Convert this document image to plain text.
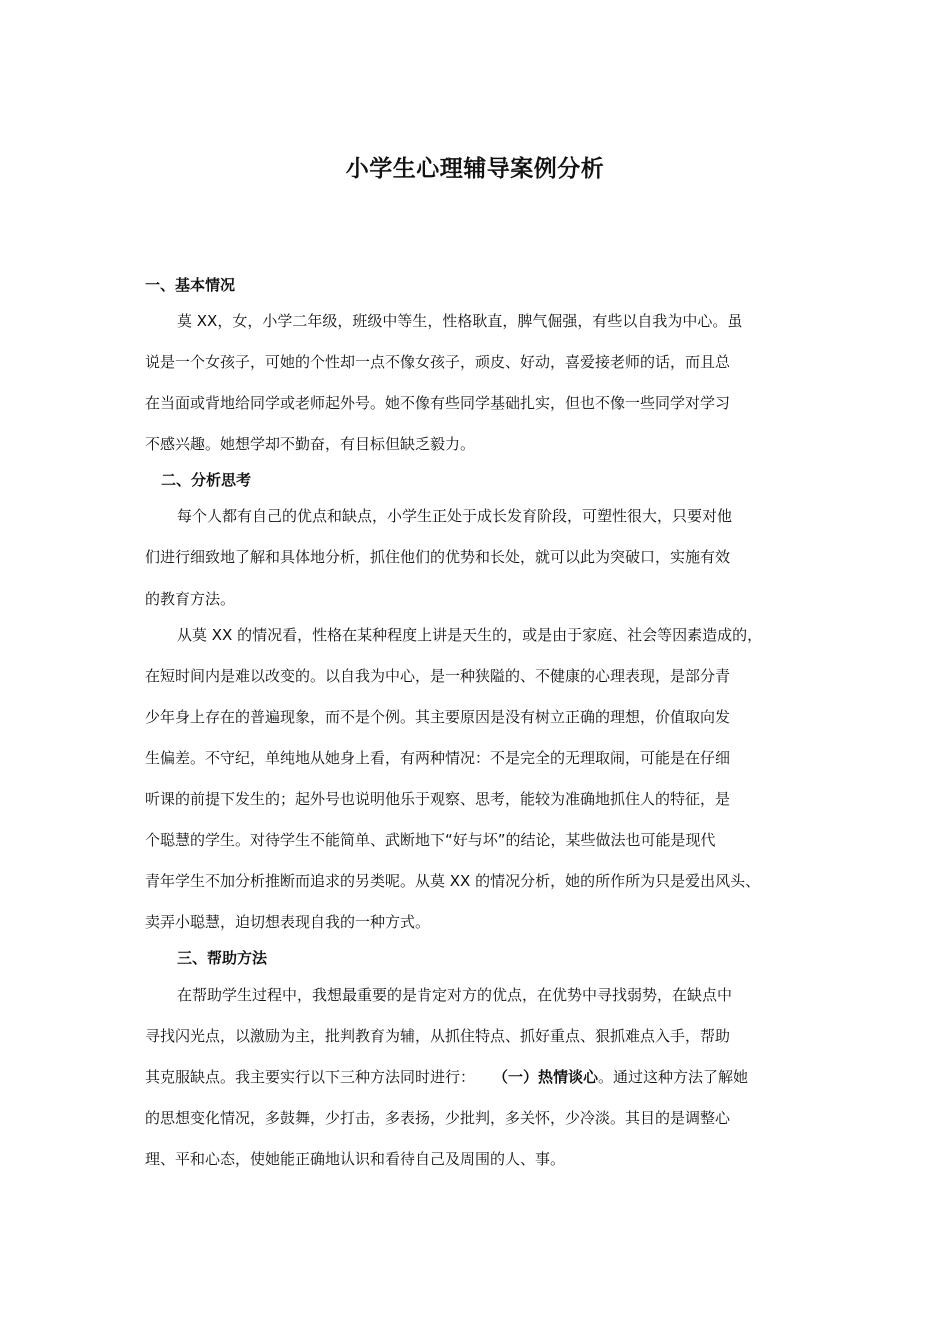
小学生心理辅导案例分析
一、基本情况
莫 XX，女，小学二年级，班级中等生，性格耿直，脾气倔强，有些以自我为中心。虽
说是一个女孩子，可她的个性却一点不像女孩子，顽皮、好动，喜爱接老师的话，而且总
在当面或背地给同学或老师起外号。她不像有些同学基础扎实，但也不像一些同学对学习
不感兴趣。她想学却不勤奋，有目标但缺乏毅力。
二、分析思考
每个人都有自己的优点和缺点，小学生正处于成长发育阶段，可塑性很大，只要对他
们进行细致地了解和具体地分析，抓住他们的优势和长处，就可以此为突破口，实施有效
的教育方法。
从莫 XX 的情况看，性格在某种程度上讲是天生的，或是由于家庭、社会等因素造成的，
在短时间内是难以改变的。以自我为中心，是一种狭隘的、不健康的心理表现，是部分青
少年身上存在的普遍现象，而不是个例。其主要原因是没有树立正确的理想，价值取向发
生偏差。不守纪，单纯地从她身上看，有两种情况：不是完全的无理取闹，可能是在仔细
听课的前提下发生的；起外号也说明他乐于观察、思考，能较为准确地抓住人的特征，是
个聪慧的学生。对待学生不能简单、武断地下“好与坏”的结论，某些做法也可能是现代
青年学生不加分析推断而追求的另类呢。从莫 XX 的情况分析，她的所作所为只是爱出风头、
卖弄小聪慧，迫切想表现自我的一种方式。
三、帮助方法
在帮助学生过程中，我想最重要的是肯定对方的优点，在优势中寻找弱势，在缺点中
寻找闪光点，以激励为主，批判教育为辅，从抓住特点、抓好重点、狠抓难点入手，帮助
其克服缺点。我主要实行以下三种方法同时进行： （一）热情谈心。通过这种方法了解她
的思想变化情况，多鼓舞，少打击，多表扬，少批判，多关怀，少冷淡。其目的是调整心
理、平和心态，使她能正确地认识和看待自己及周围的人、事。
